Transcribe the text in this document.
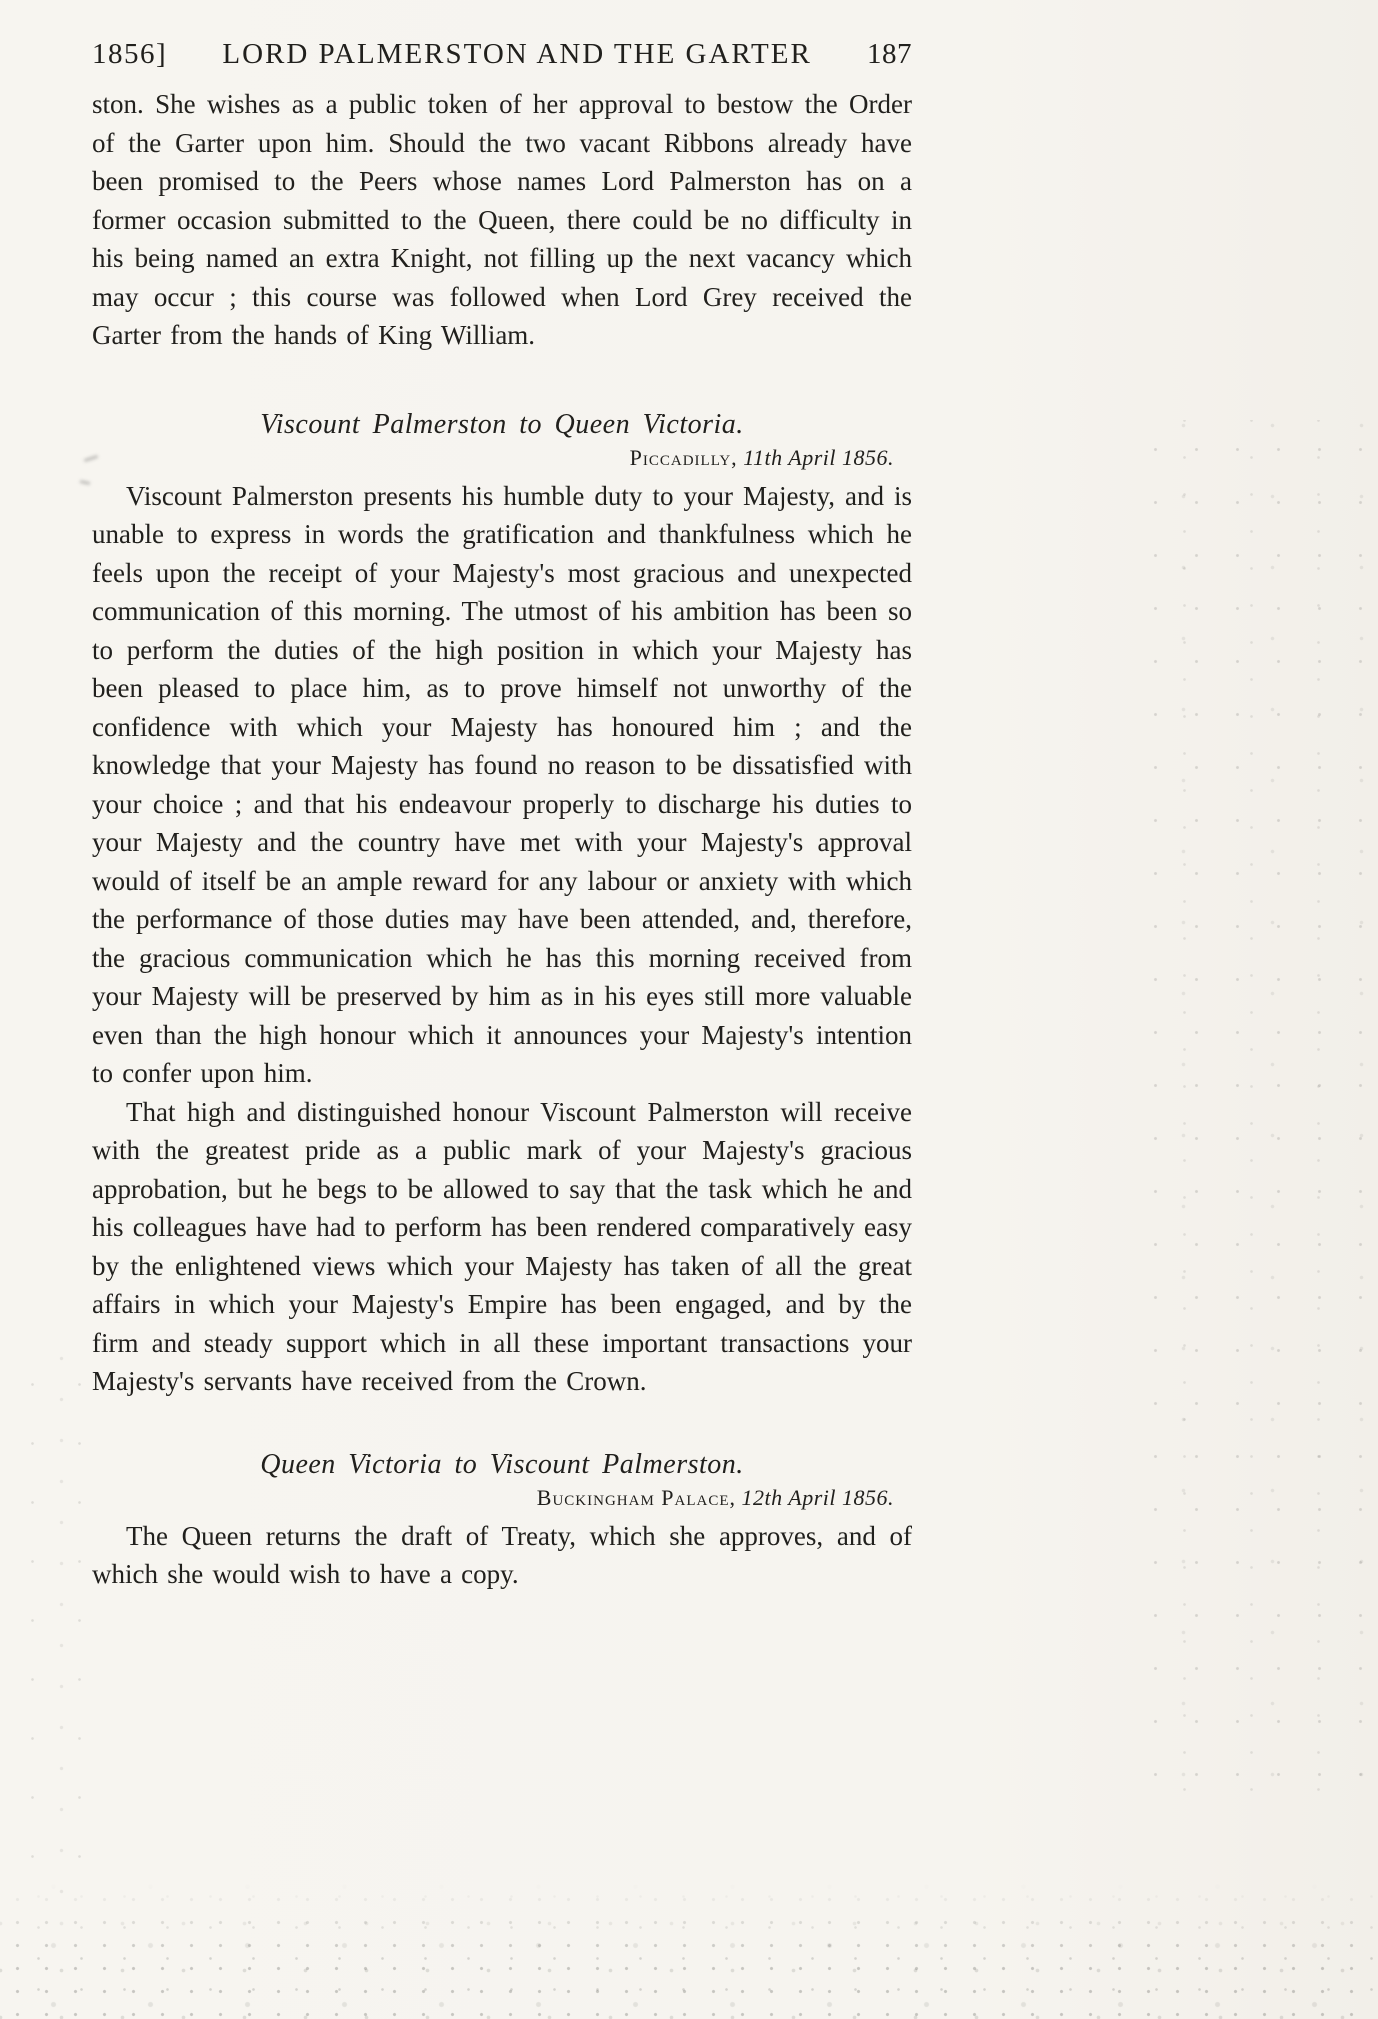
1856] LORD PALMERSTON AND THE GARTER 187

ston. She wishes as a public token of her approval to bestow the Order of the Garter upon him. Should the two vacant Ribbons already have been promised to the Peers whose names Lord Palmerston has on a former occasion submitted to the Queen, there could be no difficulty in his being named an extra Knight, not filling up the next vacancy which may occur ; this course was followed when Lord Grey received the Garter from the hands of King William.

Viscount Palmerston to Queen Victoria.

Piccadilly, 11th April 1856.

Viscount Palmerston presents his humble duty to your Majesty, and is unable to express in words the gratification and thankfulness which he feels upon the receipt of your Majesty's most gracious and unexpected communication of this morning. The utmost of his ambition has been so to perform the duties of the high position in which your Majesty has been pleased to place him, as to prove himself not unworthy of the confidence with which your Majesty has honoured him ; and the knowledge that your Majesty has found no reason to be dissatisfied with your choice ; and that his endeavour properly to discharge his duties to your Majesty and the country have met with your Majesty's approval would of itself be an ample reward for any labour or anxiety with which the performance of those duties may have been attended, and, therefore, the gracious communication which he has this morning received from your Majesty will be preserved by him as in his eyes still more valuable even than the high honour which it announces your Majesty's intention to confer upon him.

That high and distinguished honour Viscount Palmerston will receive with the greatest pride as a public mark of your Majesty's gracious approbation, but he begs to be allowed to say that the task which he and his colleagues have had to perform has been rendered comparatively easy by the enlightened views which your Majesty has taken of all the great affairs in which your Majesty's Empire has been engaged, and by the firm and steady support which in all these important transactions your Majesty's servants have received from the Crown.

Queen Victoria to Viscount Palmerston.

Buckingham Palace, 12th April 1856.

The Queen returns the draft of Treaty, which she approves, and of which she would wish to have a copy.
